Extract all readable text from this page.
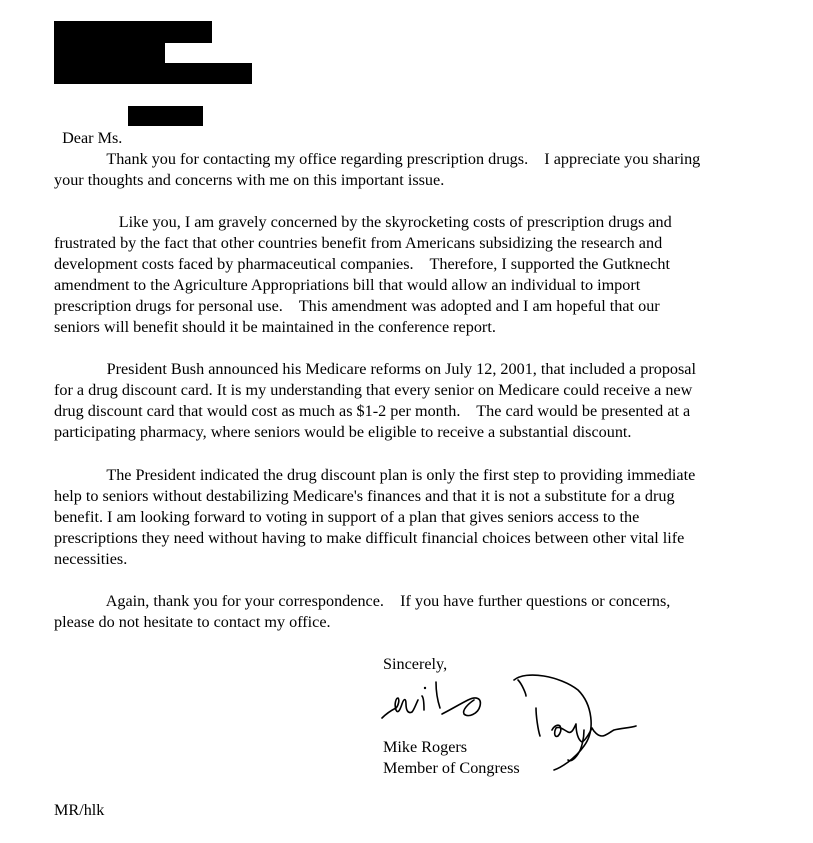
Dear Ms.

Thank you for contacting my office regarding prescription drugs.    I appreciate you sharing
your thoughts and concerns with me on this important issue.
Like you, I am gravely concerned by the skyrocketing costs of prescription drugs and
frustrated by the fact that other countries benefit from Americans subsidizing the research and
development costs faced by pharmaceutical companies.    Therefore, I supported the Gutknecht
amendment to the Agriculture Appropriations bill that would allow an individual to import
prescription drugs for personal use.    This amendment was adopted and I am hopeful that our
seniors will benefit should it be maintained in the conference report.
President Bush announced his Medicare reforms on July 12, 2001, that included a proposal
for a drug discount card. It is my understanding that every senior on Medicare could receive a new
drug discount card that would cost as much as $1-2 per month.    The card would be presented at a
participating pharmacy, where seniors would be eligible to receive a substantial discount.
The President indicated the drug discount plan is only the first step to providing immediate
help to seniors without destabilizing Medicare's finances and that it is not a substitute for a drug
benefit. I am looking forward to voting in support of a plan that gives seniors access to the
prescriptions they need without having to make difficult financial choices between other vital life
necessities.
Again, thank you for your correspondence.    If you have further questions or concerns,
please do not hesitate to contact my office.
Sincerely,
Mike Rogers
Member of Congress
MR/hlk
